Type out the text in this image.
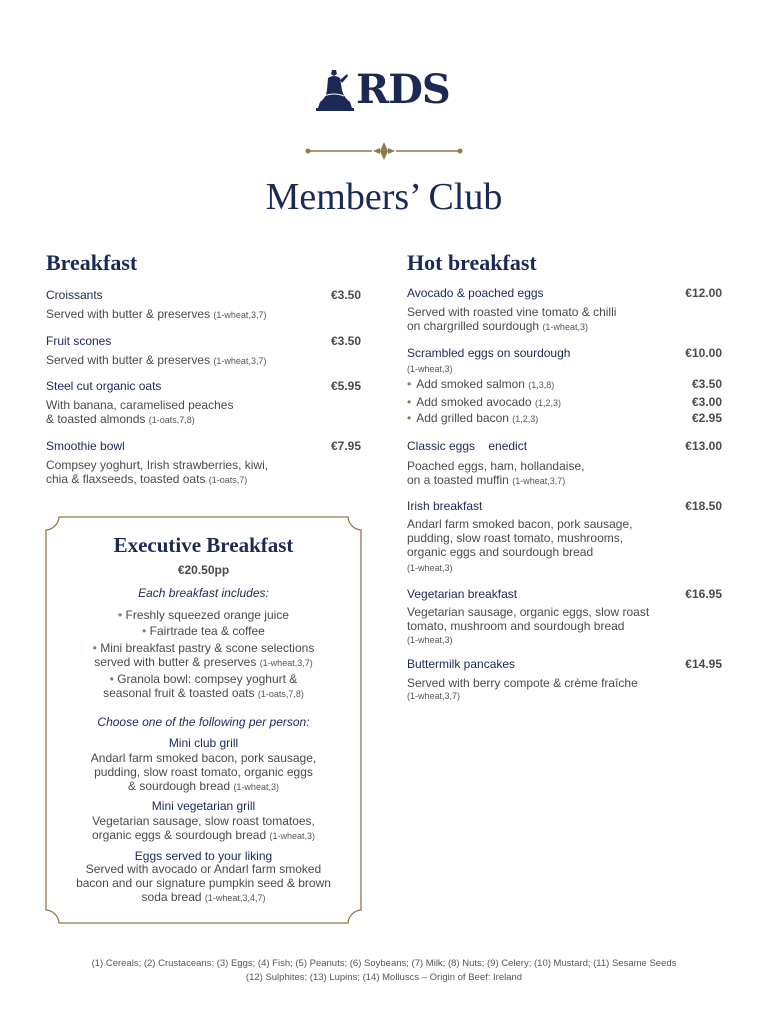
RDS
Members’ Club
Breakfast
Croissants	€3.50
Served with butter & preserves (1-wheat,3,7)
Fruit scones	€3.50
Served with butter & preserves (1-wheat,3,7)
Steel cut organic oats	€5.95
With banana, caramelised peaches
& toasted almonds (1-oats,7,8)
Smoothie bowl	€7.95
Compsey yoghurt, Irish strawberries, kiwi,
chia & flaxseeds, toasted oats (1-oats,7)
Executive Breakfast
€20.50pp
Each breakfast includes:
• Freshly squeezed orange juice
• Fairtrade tea & coffee
• Mini breakfast pastry & scone selections
served with butter & preserves (1-wheat,3,7)
• Granola bowl: compsey yoghurt &
seasonal fruit & toasted oats (1-oats,7,8)
Choose one of the following per person:
Mini club grill
Andarl farm smoked bacon, pork sausage,
pudding, slow roast tomato, organic eggs
& sourdough bread (1-wheat,3)
Mini vegetarian grill
Vegetarian sausage, slow roast tomatoes,
organic eggs & sourdough bread (1-wheat,3)
Eggs served to your liking
Served with avocado or Andarl farm smoked
bacon and our signature pumpkin seed & brown
soda bread (1-wheat,3,4,7)
Hot breakfast
Avocado & poached eggs	€12.00
Served with roasted vine tomato & chilli
on chargrilled sourdough (1-wheat,3)
Scrambled eggs on sourdough	€10.00
(1-wheat,3)
• Add smoked salmon (1,3,8)	€3.50
• Add smoked avocado (1,2,3)	€3.00
• Add grilled bacon (1,2,3)	€2.95
Classic eggs    enedict	€13.00
Poached eggs, ham, hollandaise,
on a toasted muffin (1-wheat,3,7)
Irish breakfast	€18.50
Andarl farm smoked bacon, pork sausage,
pudding, slow roast tomato, mushrooms,
organic eggs and sourdough bread
(1-wheat,3)
Vegetarian breakfast	€16.95
Vegetarian sausage, organic eggs, slow roast
tomato, mushroom and sourdough bread
(1-wheat,3)
Buttermilk pancakes	€14.95
Served with berry compote & crème fraîche
(1-wheat,3,7)
(1) Cereals; (2) Crustaceans; (3) Eggs; (4) Fish; (5) Peanuts; (6) Soybeans; (7) Milk; (8) Nuts; (9) Celery; (10) Mustard; (11) Sesame Seeds
(12) Sulphites; (13) Lupins; (14) Molluscs – Origin of Beef: Ireland
